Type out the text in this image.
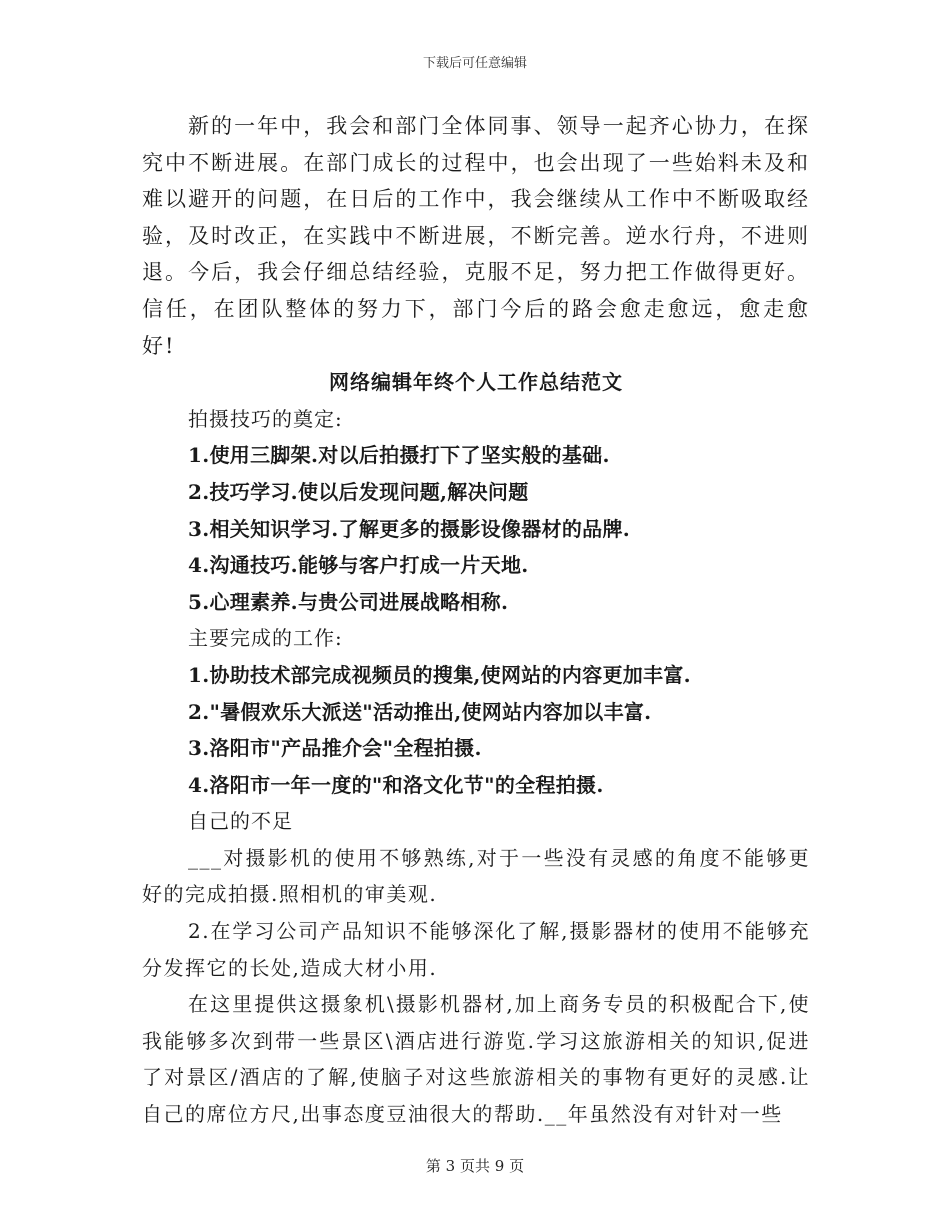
下载后可任意编辑

新的一年中，我会和部门全体同事、领导一起齐心协力，在探究中不断进展。在部门成长的过程中，也会出现了一些始料未及和难以避开的问题，在日后的工作中，我会继续从工作中不断吸取经验，及时改正，在实践中不断进展，不断完善。逆水行舟，不进则退。今后，我会仔细总结经验，克服不足，努力把工作做得更好。信任，在团队整体的努力下，部门今后的路会愈走愈远，愈走愈好!

网络编辑年终个人工作总结范文

拍摄技巧的奠定:

1.使用三脚架.对以后拍摄打下了坚实般的基础.

2.技巧学习.使以后发现问题,解决问题

3.相关知识学习.了解更多的摄影设像器材的品牌.

4.沟通技巧.能够与客户打成一片天地.

5.心理素养.与贵公司进展战略相称.

主要完成的工作:

1.协助技术部完成视频员的搜集,使网站的内容更加丰富.

2."暑假欢乐大派送"活动推出,使网站内容加以丰富.

3.洛阳市"产品推介会"全程拍摄.

4.洛阳市一年一度的"和洛文化节"的全程拍摄.

自己的不足

___对摄影机的使用不够熟练,对于一些没有灵感的角度不能够更好的完成拍摄.照相机的审美观.

2.在学习公司产品知识不能够深化了解,摄影器材的使用不能够充分发挥它的长处,造成大材小用.

在这里提供这摄象机\摄影机器材,加上商务专员的积极配合下,使我能够多次到带一些景区\酒店进行游览.学习这旅游相关的知识,促进了对景区/酒店的了解,使脑子对这些旅游相关的事物有更好的灵感.让自己的席位方尺,出事态度豆油很大的帮助.__年虽然没有对针对一些

第 3 页共 9 页
